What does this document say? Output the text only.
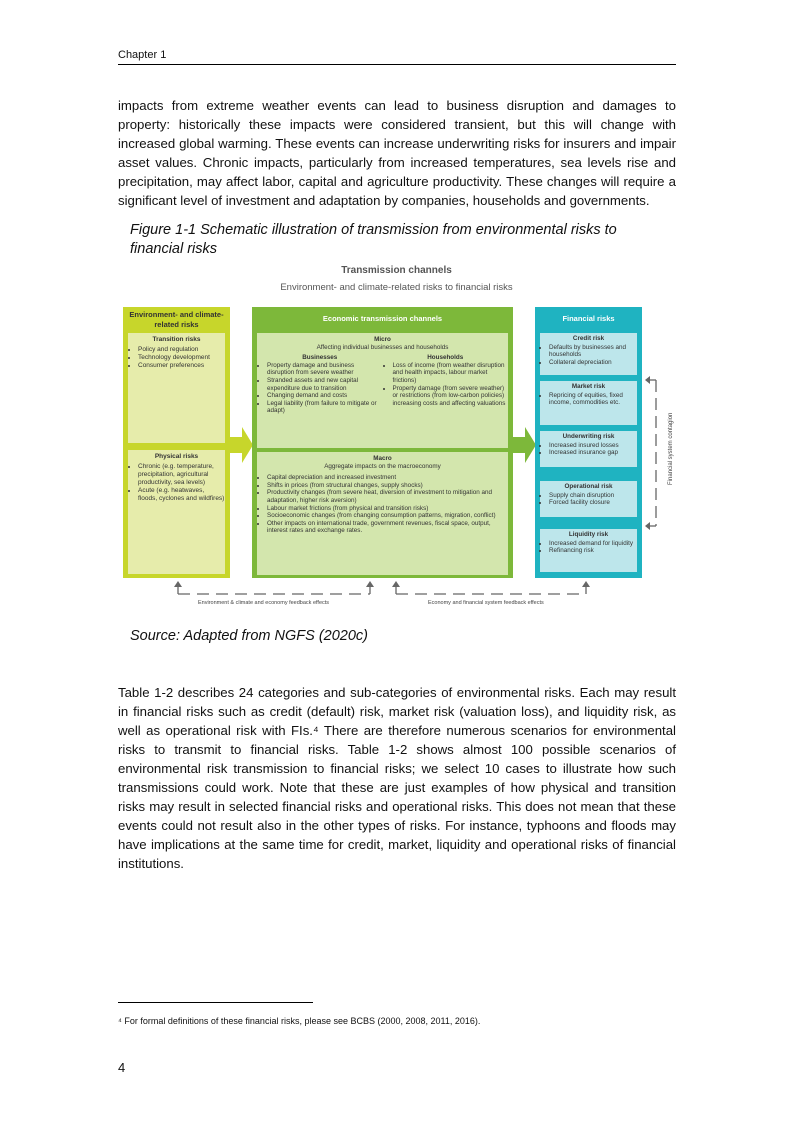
Chapter 1

impacts from extreme weather events can lead to business disruption and damages to property: historically these impacts were considered transient, but this will change with increased global warming. These events can increase underwriting risks for insurers and impair asset values. Chronic impacts, particularly from increased temperatures, sea levels rise and precipitation, may affect labor, capital and agriculture productivity. These changes will require a significant level of investment and adaptation by companies, households and governments.

Figure 1-1 Schematic illustration of transmission from environmental risks to financial risks
Transmission channels
Environment- and climate-related risks to financial risks
Environment- and climate-related risks
Transition risks
• Policy and regulation
• Technology development
• Consumer preferences
Physical risks
• Chronic (e.g. temperature, precipitation, agricultural productivity, sea levels)
• Acute (e.g. heatwaves, floods, cyclones and wildfires)
Economic transmission channels
Micro
Affecting individual businesses and households
Businesses
• Property damage and business disruption from severe weather
• Stranded assets and new capital expenditure due to transition
• Changing demand and costs
• Legal liability (from failure to mitigate or adapt)
Households
• Loss of income (from weather disruption and health impacts, labour market frictions)
• Property damage (from severe weather) or restrictions (from low-carbon policies) increasing costs and affecting valuations
Macro
Aggregate impacts on the macroeconomy
• Capital depreciation and increased investment
• Shifts in prices (from structural changes, supply shocks)
• Productivity changes (from severe heat, diversion of investment to mitigation and adaptation, higher risk aversion)
• Labour market frictions (from physical and transition risks)
• Socioeconomic changes (from changing consumption patterns, migration, conflict)
• Other impacts on international trade, government revenues, fiscal space, output, interest rates and exchange rates.
Financial risks
Credit risk
• Defaults by businesses and households
• Collateral depreciation
Market risk
• Repricing of equities, fixed income, commodities etc.
Underwriting risk
• Increased insured losses
• Increased insurance gap
Operational risk
• Supply chain disruption
• Forced facility closure
Liquidity risk
• Increased demand for liquidity
• Refinancing risk
Financial system contagion
Environment & climate and economy feedback effects	Economy and financial system feedback effects
Source: Adapted from NGFS (2020c)

Table 1-2 describes 24 categories and sub-categories of environmental risks. Each may result in financial risks such as credit (default) risk, market risk (valuation loss), and liquidity risk, as well as operational risk with FIs.⁴ There are therefore numerous scenarios for environmental risks to transmit to financial risks. Table 1-2 shows almost 100 possible scenarios of environmental risk transmission to financial risks; we select 10 cases to illustrate how such transmissions could work. Note that these are just examples of how physical and transition risks may result in selected financial risks and operational risks. This does not mean that these events could not result also in the other types of risks. For instance, typhoons and floods may have implications at the same time for credit, market, liquidity and operational risks of financial institutions.

⁴ For formal definitions of these financial risks, please see BCBS (2000, 2008, 2011, 2016).
4
